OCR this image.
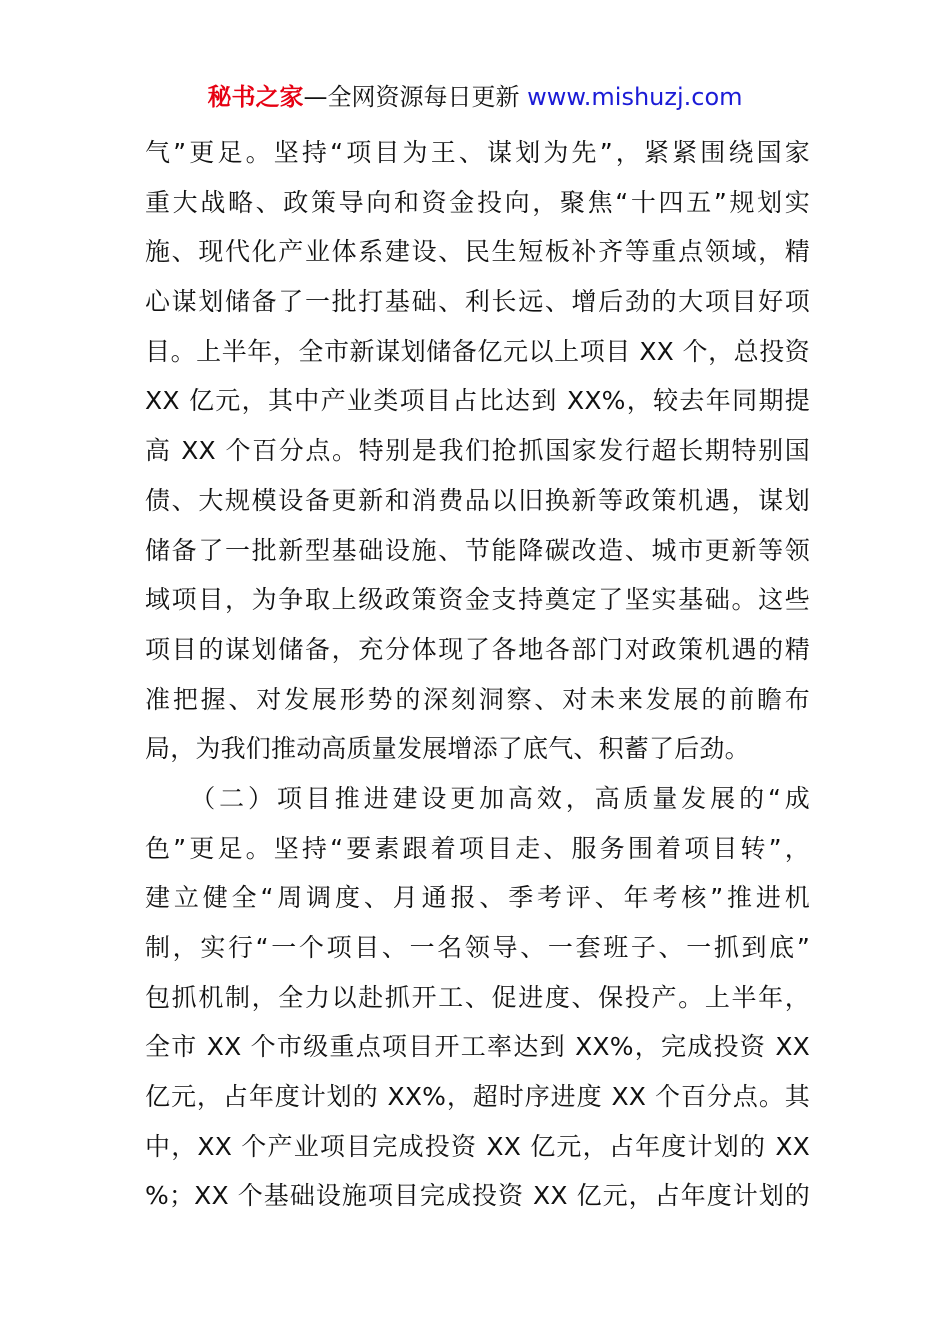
秘书之家—全网资源每日更新 www.mishuzj.com
气”更足。坚持“项目为王、谋划为先”，紧紧围绕国家
重大战略、政策导向和资金投向，聚焦“十四五”规划实
施、现代化产业体系建设、民生短板补齐等重点领域，精
心谋划储备了一批打基础、利长远、增后劲的大项目好项
目。上半年，全市新谋划储备亿元以上项目 XX 个，总投资
XX 亿元，其中产业类项目占比达到 XX%，较去年同期提
高 XX 个百分点。特别是我们抢抓国家发行超长期特别国
债、大规模设备更新和消费品以旧换新等政策机遇，谋划
储备了一批新型基础设施、节能降碳改造、城市更新等领
域项目，为争取上级政策资金支持奠定了坚实基础。这些
项目的谋划储备，充分体现了各地各部门对政策机遇的精
准把握、对发展形势的深刻洞察、对未来发展的前瞻布
局，为我们推动高质量发展增添了底气、积蓄了后劲。
　　（二）项目推进建设更加高效，高质量发展的“成
色”更足。坚持“要素跟着项目走、服务围着项目转”，
建立健全“周调度、月通报、季考评、年考核”推进机
制，实行“一个项目、一名领导、一套班子、一抓到底”
包抓机制，全力以赴抓开工、促进度、保投产。上半年，
全市 XX 个市级重点项目开工率达到 XX%，完成投资 XX
亿元，占年度计划的 XX%，超时序进度 XX 个百分点。其
中，XX 个产业项目完成投资 XX 亿元，占年度计划的 XX
%；XX 个基础设施项目完成投资 XX 亿元，占年度计划的
